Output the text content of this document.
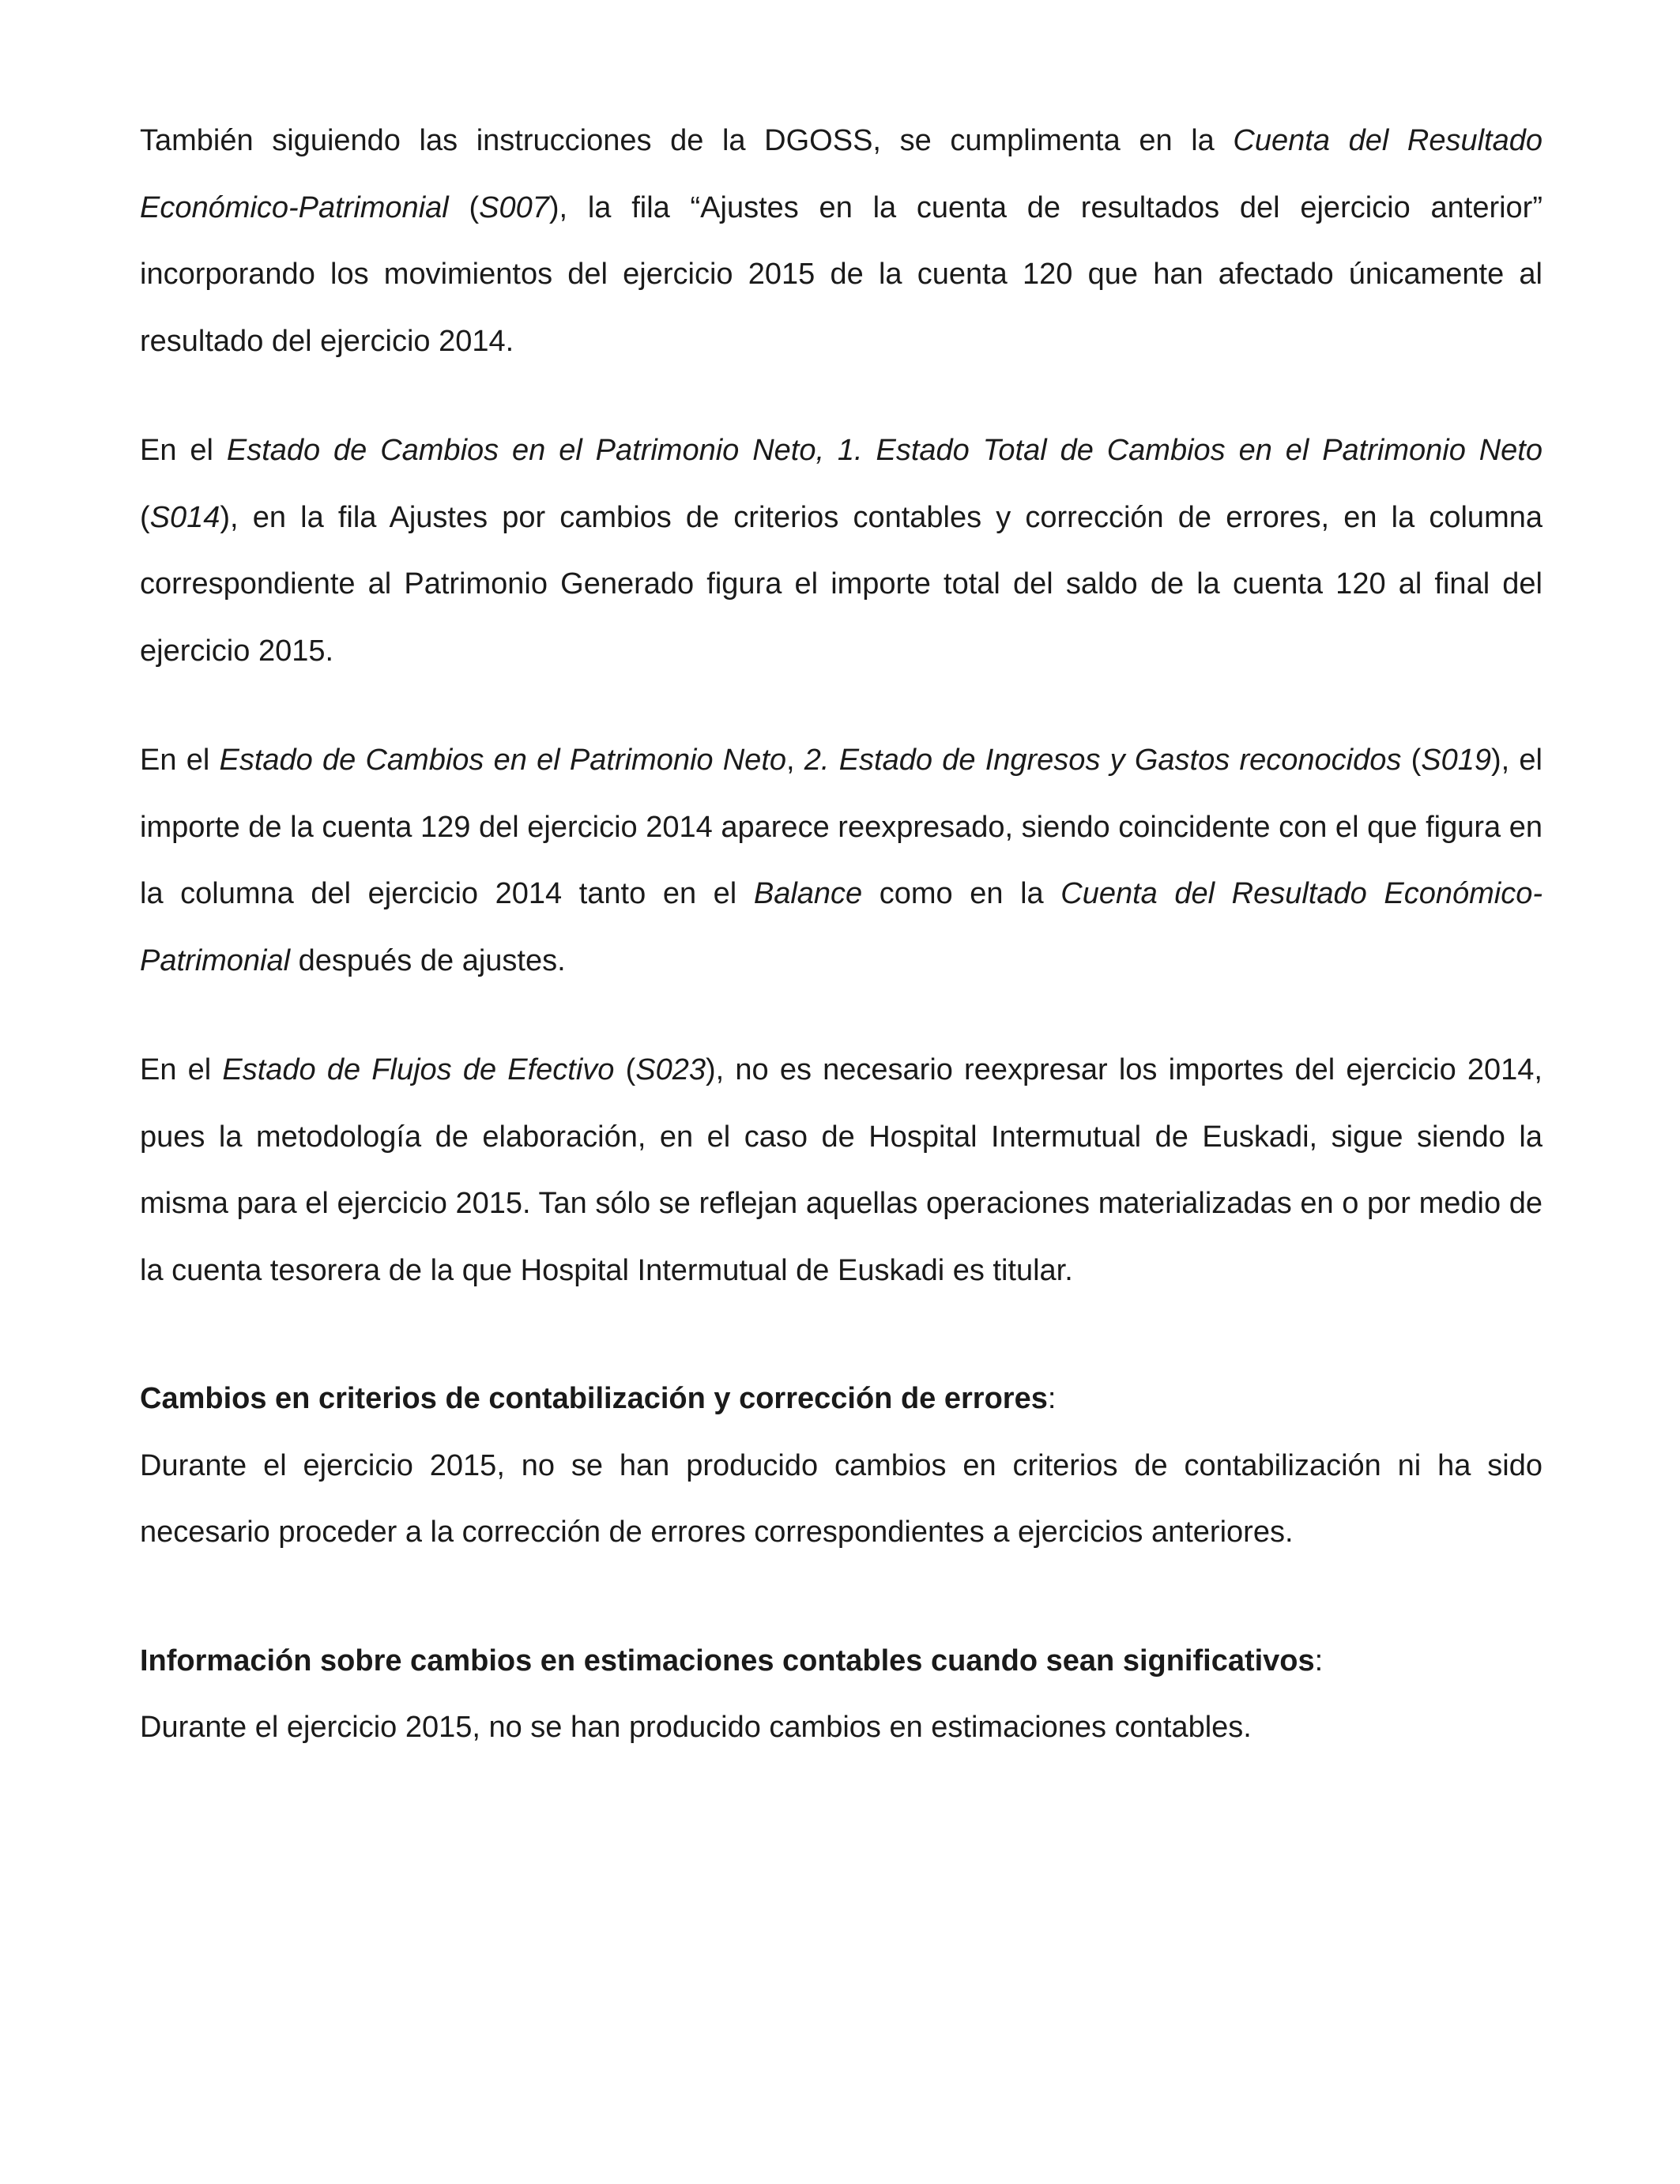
También siguiendo las instrucciones de la DGOSS, se cumplimenta en la Cuenta del Resultado Económico-Patrimonial (S007), la fila “Ajustes en la cuenta de resultados del ejercicio anterior” incorporando los movimientos del ejercicio 2015 de la cuenta 120 que han afectado únicamente al resultado del ejercicio 2014.

En el Estado de Cambios en el Patrimonio Neto, 1. Estado Total de Cambios en el Patrimonio Neto (S014), en la fila Ajustes por cambios de criterios contables y corrección de errores, en la columna correspondiente al Patrimonio Generado figura el importe total del saldo de la cuenta 120 al final del ejercicio 2015.

En el Estado de Cambios en el Patrimonio Neto, 2. Estado de Ingresos y Gastos reconocidos (S019), el importe de la cuenta 129 del ejercicio 2014 aparece reexpresado, siendo coincidente con el que figura en la columna del ejercicio 2014 tanto en el Balance como en la Cuenta del Resultado Económico-Patrimonial después de ajustes.

En el Estado de Flujos de Efectivo (S023), no es necesario reexpresar los importes del ejercicio 2014, pues la metodología de elaboración, en el caso de Hospital Intermutual de Euskadi, sigue siendo la misma para el ejercicio 2015. Tan sólo se reflejan aquellas operaciones materializadas en o por medio de la cuenta tesorera de la que Hospital Intermutual de Euskadi es titular.

Cambios en criterios de contabilización y corrección de errores:

Durante el ejercicio 2015, no se han producido cambios en criterios de contabilización ni ha sido necesario proceder a la corrección de errores correspondientes a ejercicios anteriores.

Información sobre cambios en estimaciones contables cuando sean significativos:

Durante el ejercicio 2015, no se han producido cambios en estimaciones contables.
